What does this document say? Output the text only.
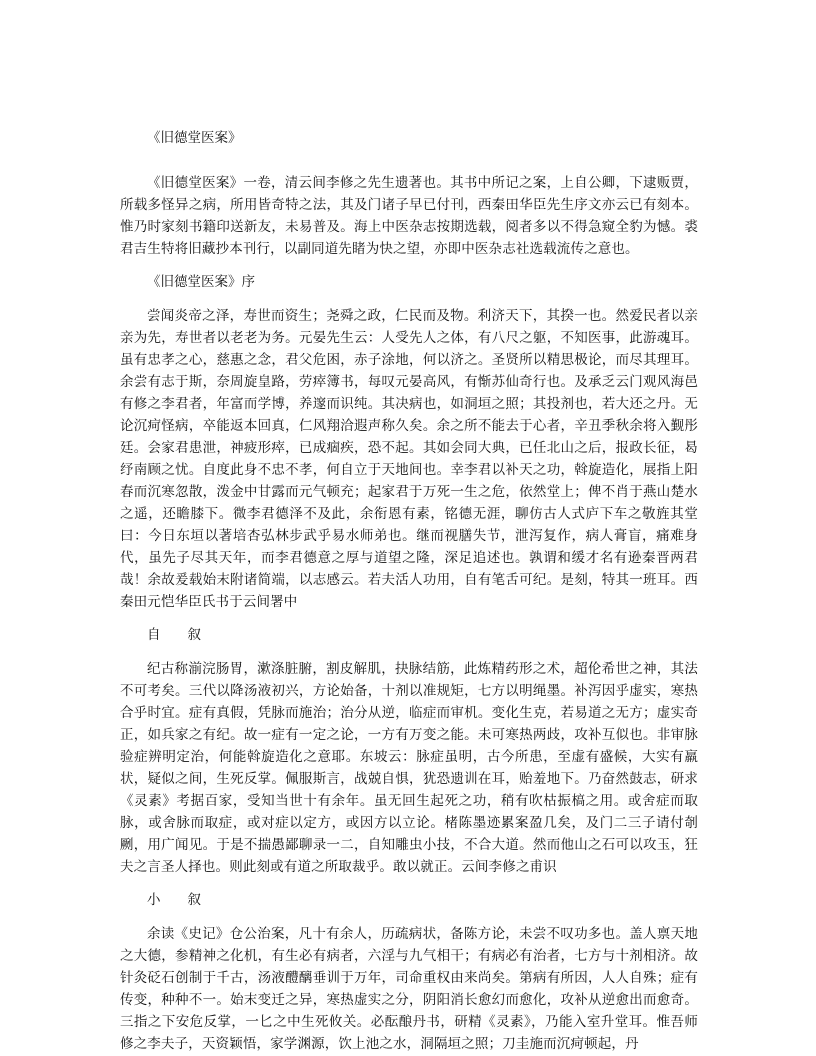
《旧德堂医案》

《旧德堂医案》一卷，清云间李修之先生遗著也。其书中所记之案，上自公卿，下逮贩贾，所载多怪异之病，所用皆奇特之法，其及门诸子早已付刊，西秦田华臣先生序文亦云已有刻本。惟乃时家刻书籍印送新友，未易普及。海上中医杂志按期选载，阅者多以不得急窥全豹为憾。裘君吉生特将旧藏抄本刊行，以副同道先睹为快之望，亦即中医杂志社选载流传之意也。

《旧德堂医案》序

尝闻炎帝之泽，寿世而资生；尧舜之政，仁民而及物。利济天下，其揆一也。然爱民者以亲亲为先，寿世者以老老为务。元晏先生云：人受先人之体，有八尺之躯，不知医事，此游魂耳。虽有忠孝之心，慈惠之念，君父危困，赤子涂地，何以济之。圣贤所以精思极论，而尽其理耳。余尝有志于斯，奈周旋皇路，劳瘁簿书，每叹元晏高风，有惭苏仙奇行也。及承乏云门观风海邑有修之李君者，年富而学博，养邃而识纯。其决病也，如洞垣之照；其投剂也，若大还之丹。无论沉疴怪病，卒能返本回真，仁风翔洽遐声称久矣。余之所不能去于心者，辛丑季秋余将入觐彤廷。会家君患泄，神疲形瘁，已成痼疾，恐不起。其如会同大典，已任北山之后，报政长征，曷纾南顾之忧。自度此身不忠不孝，何自立于天地间也。幸李君以补天之功，斡旋造化，展指上阳春而沉寒忽散，泼金中甘露而元气顿充；起家君于万死一生之危，依然堂上；俾不肖于燕山楚水之遥，还瞻膝下。微李君德泽不及此，余衔恩有素，铭德无涯，聊仿古人式庐下车之敬旌其堂曰：今日东垣以著培杏弘林步武乎易水师弟也。继而视膳失节，泄泻复作，病人膏盲，痛难身代，虽先子尽其天年，而李君德意之厚与道望之隆，深足追述也。孰谓和缓才名有逊秦晋两君哉！余故爰载始末附诸简端，以志感云。若夫活人功用，自有笔舌可纪。是刻，特其一班耳。西秦田元恺华臣氏书于云间署中

自　　叙

纪古称湔浣肠胃，漱涤脏腑，割皮解肌，抉脉结筋，此炼精药形之术，超伦希世之神，其法不可考矣。三代以降汤液初兴，方论始备，十剂以准规矩，七方以明绳墨。补泻因乎虚实，寒热合乎时宜。症有真假，凭脉而施治；治分从逆，临症而审机。变化生克，若易道之无方；虚实奇正，如兵家之有纪。故一症有一定之论，一方有万变之能。未可寒热两歧，攻补互似也。非审脉验症辨明定治，何能斡旋造化之意耶。东坡云：脉症虽明，古今所患，至虚有盛候，大实有羸状，疑似之间，生死反掌。佩服斯言，战兢自惧，犹恐遗训在耳，贻羞地下。乃奋然鼓志，研求《灵素》考据百家，受知当世十有余年。虽无回生起死之功，稍有吹枯振槁之用。或舍症而取脉，或舍脉而取症，或对症以定方，或因方以立论。楮陈墨迹累案盈几矣，及门二三子请付剞劂，用广闻见。于是不揣愚鄙聊录一二，自知雕虫小技，不合大道。然而他山之石可以攻玉，狂夫之言圣人择也。则此刻或有道之所取裁乎。敢以就正。云间李修之甫识

小　　叙

余读《史记》仓公治案，凡十有余人，历疏病状，备陈方论，未尝不叹功多也。盖人禀天地之大德，参精神之化机，有生必有病者，六淫与九气相干；有病必有治者，七方与十剂相济。故针灸砭石创制于千古，汤液醴醨垂训于万年，司命重权由来尚矣。第病有所因，人人自殊；症有传变，种种不一。始末变迁之异，寒热虚实之分，阴阳消长愈幻而愈化，攻补从逆愈出而愈奇。三指之下安危反掌，一匕之中生死攸关。必酝酿丹书，研精《灵素》，乃能入室升堂耳。惟吾师修之李夫子，天资颖悟，家学渊源，饮上池之水，洞隔垣之照；刀圭施而沉疴顿起，丹
